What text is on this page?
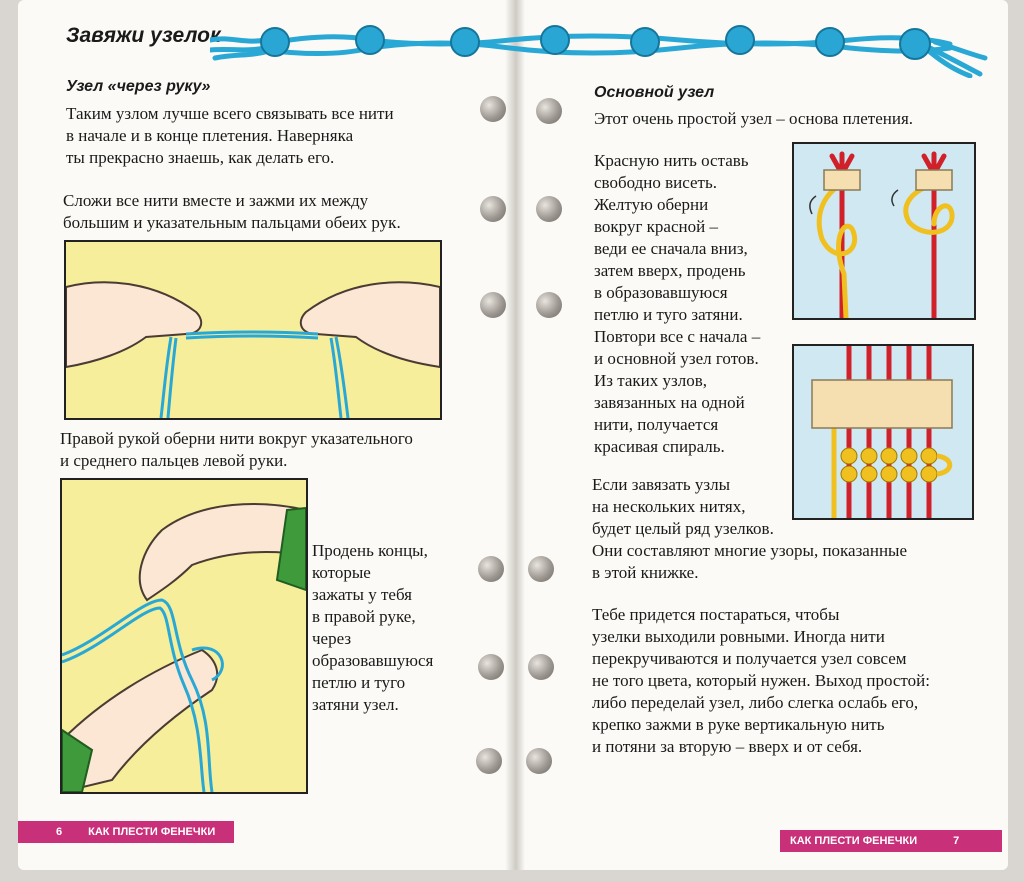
Завяжи узелок
Узел «через руку»
Таким узлом лучше всего связывать все нити
в начале и в конце плетения. Наверняка
ты прекрасно знаешь, как делать его.
Сложи все нити вместе и зажми их между
большим и указательным пальцами обеих рук.
Правой рукой оберни нити вокруг указательного
и среднего пальцев левой руки.
Продень концы,
которые
зажаты у тебя
в правой руке,
через
образовавшуюся
петлю и туго
затяни узел.
6 КАК ПЛЕСТИ ФЕНЕЧКИ
Основной узел
Этот очень простой узел – основа плетения.
Красную нить оставь
свободно висеть.
Желтую оберни
вокруг красной –
веди ее сначала вниз,
затем вверх, продень
в образовавшуюся
петлю и туго затяни.
Повтори все с начала –
и основной узел готов.
Из таких узлов,
завязанных на одной
нити, получается
красивая спираль.
Если завязать узлы
на нескольких нитях,
будет целый ряд узелков.
Они составляют многие узоры, показанные
в этой книжке.
Тебе придется постараться, чтобы
узелки выходили ровными. Иногда нити
перекручиваются и получается узел совсем
не того цвета, который нужен. Выход простой:
либо переделай узел, либо слегка ослабь его,
крепко зажми в руке вертикальную нить
и потяни за вторую – вверх и от себя.
КАК ПЛЕСТИ ФЕНЕЧКИ	7
